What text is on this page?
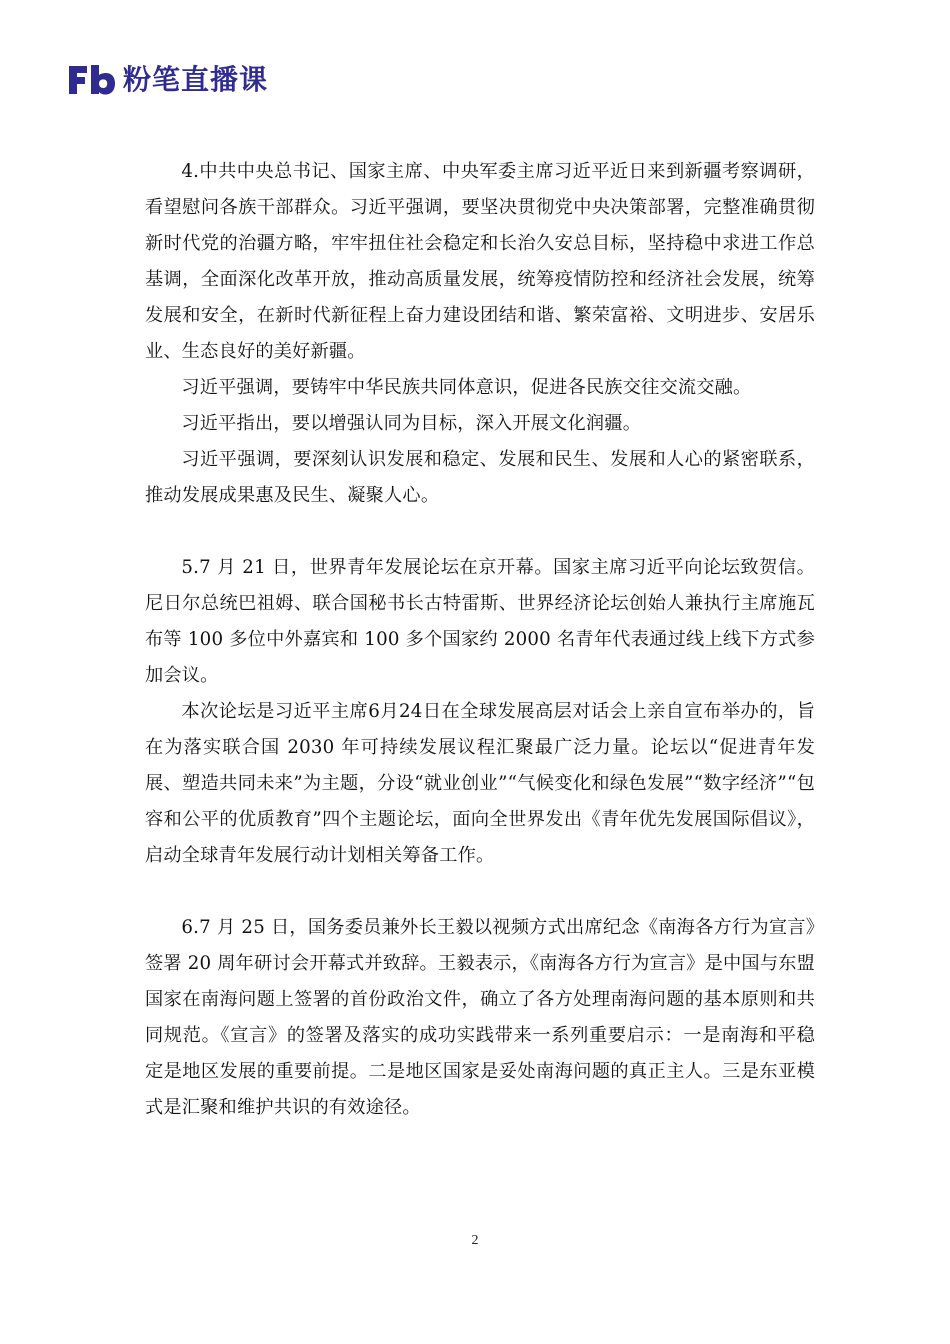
粉笔直播课

4.中共中央总书记、国家主席、中央军委主席习近平近日来到新疆考察调研，看望慰问各族干部群众。习近平强调，要坚决贯彻党中央决策部署，完整准确贯彻新时代党的治疆方略，牢牢扭住社会稳定和长治久安总目标，坚持稳中求进工作总基调，全面深化改革开放，推动高质量发展，统筹疫情防控和经济社会发展，统筹发展和安全，在新时代新征程上奋力建设团结和谐、繁荣富裕、文明进步、安居乐业、生态良好的美好新疆。

习近平强调，要铸牢中华民族共同体意识，促进各民族交往交流交融。

习近平指出，要以增强认同为目标，深入开展文化润疆。

习近平强调，要深刻认识发展和稳定、发展和民生、发展和人心的紧密联系，推动发展成果惠及民生、凝聚人心。

5.7 月 21 日，世界青年发展论坛在京开幕。国家主席习近平向论坛致贺信。尼日尔总统巴祖姆、联合国秘书长古特雷斯、世界经济论坛创始人兼执行主席施瓦布等 100 多位中外嘉宾和 100 多个国家约 2000 名青年代表通过线上线下方式参加会议。

本次论坛是习近平主席6月24日在全球发展高层对话会上亲自宣布举办的，旨在为落实联合国 2030 年可持续发展议程汇聚最广泛力量。论坛以“促进青年发展、塑造共同未来”为主题，分设“就业创业”“气候变化和绿色发展”“数字经济”“包容和公平的优质教育”四个主题论坛，面向全世界发出《青年优先发展国际倡议》，启动全球青年发展行动计划相关筹备工作。

6.7 月 25 日，国务委员兼外长王毅以视频方式出席纪念《南海各方行为宣言》签署 20 周年研讨会开幕式并致辞。王毅表示，《南海各方行为宣言》是中国与东盟国家在南海问题上签署的首份政治文件，确立了各方处理南海问题的基本原则和共同规范。《宣言》的签署及落实的成功实践带来一系列重要启示：一是南海和平稳定是地区发展的重要前提。二是地区国家是妥处南海问题的真正主人。三是东亚模式是汇聚和维护共识的有效途径。

2
